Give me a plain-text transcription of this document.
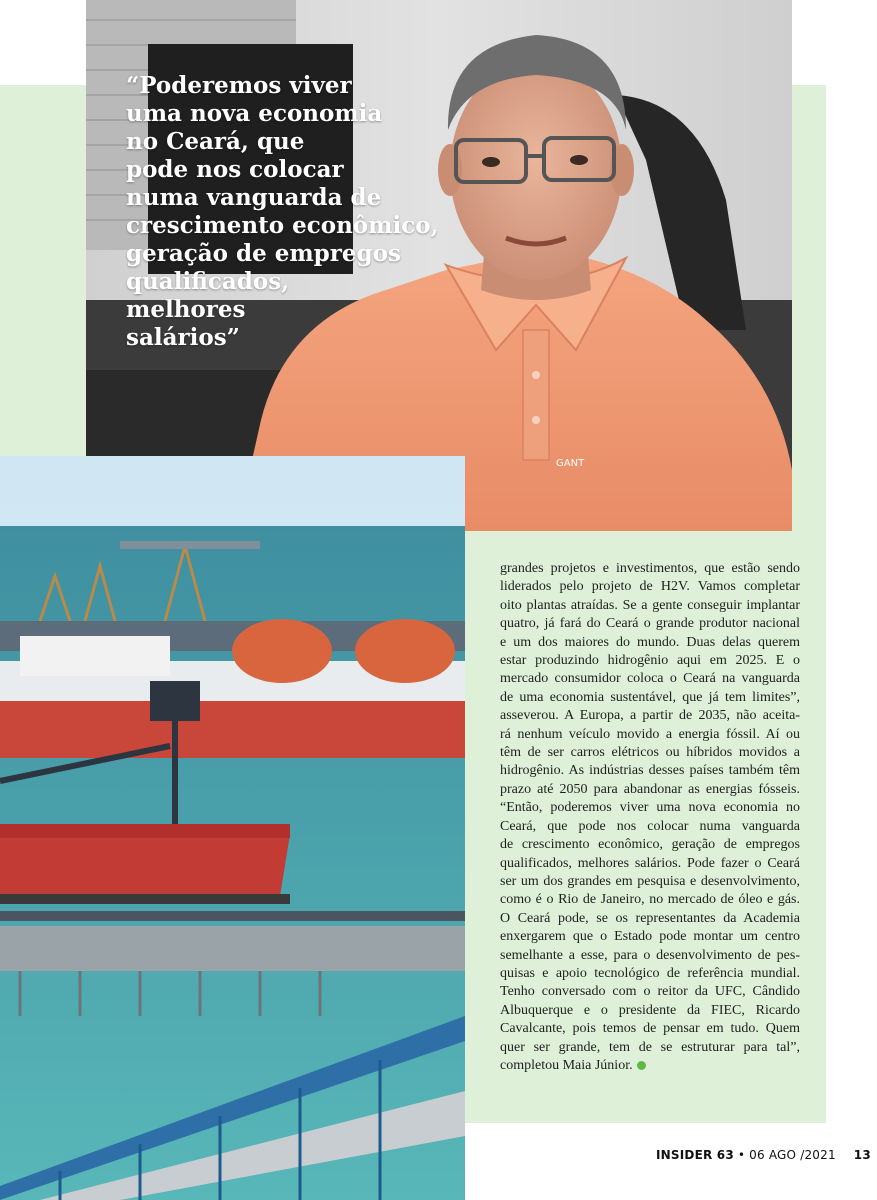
GANT
“Poderemos viver
uma nova economia
no Ceará, que
pode nos colocar
numa vanguarda de
crescimento econômico,
geração de empregos
qualificados,
melhores
salários”

grandes projetos e investimentos, que estão sendo
liderados pelo projeto de H2V. Vamos completar
oito plantas atraídas. Se a gente conseguir implantar
quatro, já fará do Ceará o grande produtor nacional
e um dos maiores do mundo. Duas delas querem
estar produzindo hidrogênio aqui em 2025. E o
mercado consumidor coloca o Ceará na vanguarda
de uma economia sustentável, que já tem limites”,
asseverou. A Europa, a partir de 2035, não aceita-
rá nenhum veículo movido a energia fóssil. Aí ou
têm de ser carros elétricos ou híbridos movidos a
hidrogênio. As indústrias desses países também têm
prazo até 2050 para abandonar as energias fósseis.
“Então, poderemos viver uma nova economia no
Ceará, que pode nos colocar numa vanguarda
de crescimento econômico, geração de empregos
qualificados, melhores salários. Pode fazer o Ceará
ser um dos grandes em pesquisa e desenvolvimento,
como é o Rio de Janeiro, no mercado de óleo e gás.
O Ceará pode, se os representantes da Academia
enxergarem que o Estado pode montar um centro
semelhante a esse, para o desenvolvimento de pes-
quisas e apoio tecnológico de referência mundial.
Tenho conversado com o reitor da UFC, Cândido
Albuquerque e o presidente da FIEC, Ricardo
Cavalcante, pois temos de pensar em tudo. Quem
quer ser grande, tem de se estruturar para tal”,
completou Maia Júnior.

INSIDER 63 • 06 AGO /2021 13
